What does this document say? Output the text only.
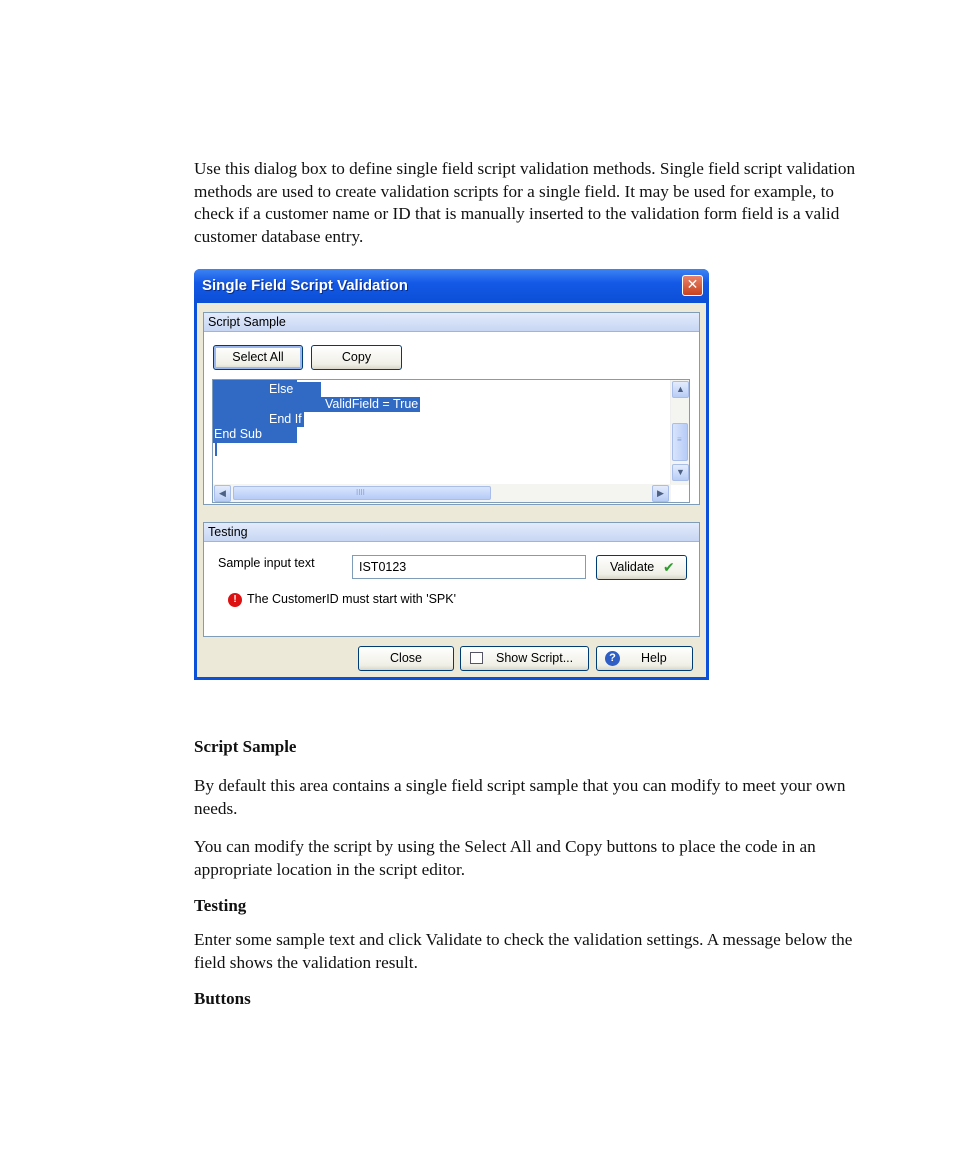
Use this dialog box to define single field script validation methods. Single field script validation methods are used to create validation scripts for a single field. It may be used for example, to check if a customer name or ID that is manually inserted to the validation form field is a valid customer database entry.

Single Field Script Validation	✕
Script Sample
Select All	Copy
Else
ValidField = True
End If
End Sub
▲
≡
▼
◀	IIII	▶
Testing
Sample input text	IST0123	Validate ✔
! The CustomerID must start with 'SPK'
Close	Show Script...	?	Help
Script Sample

By default this area contains a single field script sample that you can modify to meet your own needs.

You can modify the script by using the Select All and Copy buttons to place the code in an appropriate location in the script editor.

Testing

Enter some sample text and click Validate to check the validation settings. A message below the field shows the validation result.

Buttons
